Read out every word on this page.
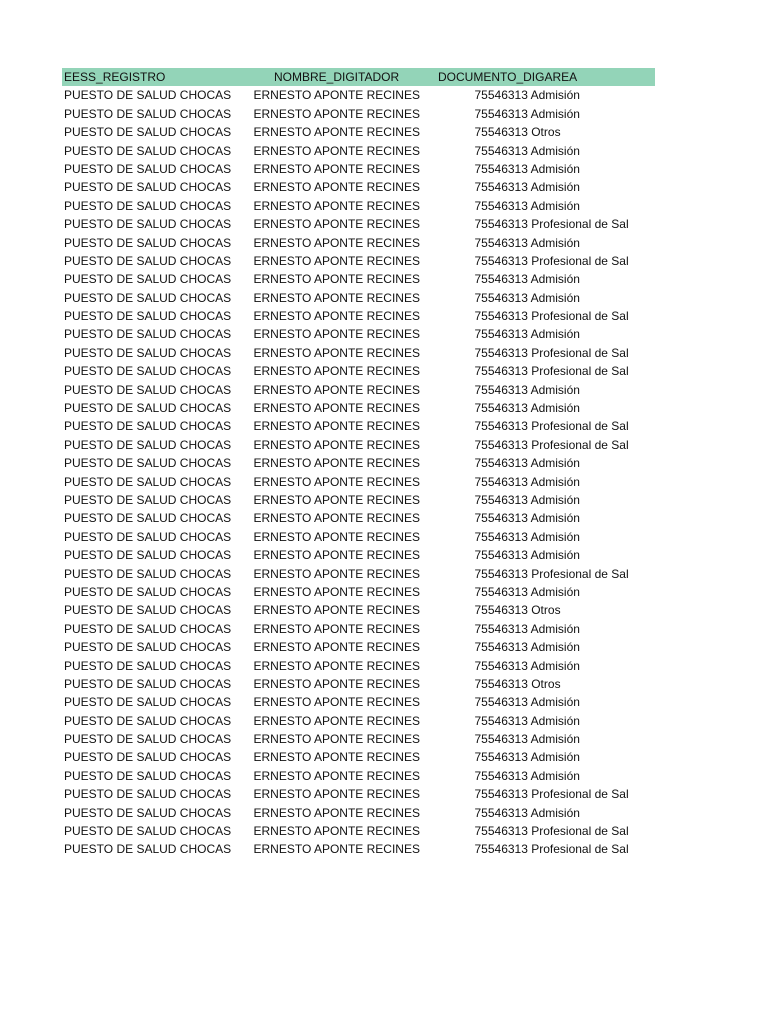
EESS_REGISTRO	NOMBRE_DIGITADOR	DOCUMENTO_DIGAREA
PUESTO DE SALUD CHOCAS	ERNESTO APONTE RECINES	75546313 Admisión
PUESTO DE SALUD CHOCAS	ERNESTO APONTE RECINES	75546313 Admisión
PUESTO DE SALUD CHOCAS	ERNESTO APONTE RECINES	75546313 Otros
PUESTO DE SALUD CHOCAS	ERNESTO APONTE RECINES	75546313 Admisión
PUESTO DE SALUD CHOCAS	ERNESTO APONTE RECINES	75546313 Admisión
PUESTO DE SALUD CHOCAS	ERNESTO APONTE RECINES	75546313 Admisión
PUESTO DE SALUD CHOCAS	ERNESTO APONTE RECINES	75546313 Admisión
PUESTO DE SALUD CHOCAS	ERNESTO APONTE RECINES	75546313 Profesional de Sal
PUESTO DE SALUD CHOCAS	ERNESTO APONTE RECINES	75546313 Admisión
PUESTO DE SALUD CHOCAS	ERNESTO APONTE RECINES	75546313 Profesional de Sal
PUESTO DE SALUD CHOCAS	ERNESTO APONTE RECINES	75546313 Admisión
PUESTO DE SALUD CHOCAS	ERNESTO APONTE RECINES	75546313 Admisión
PUESTO DE SALUD CHOCAS	ERNESTO APONTE RECINES	75546313 Profesional de Sal
PUESTO DE SALUD CHOCAS	ERNESTO APONTE RECINES	75546313 Admisión
PUESTO DE SALUD CHOCAS	ERNESTO APONTE RECINES	75546313 Profesional de Sal
PUESTO DE SALUD CHOCAS	ERNESTO APONTE RECINES	75546313 Profesional de Sal
PUESTO DE SALUD CHOCAS	ERNESTO APONTE RECINES	75546313 Admisión
PUESTO DE SALUD CHOCAS	ERNESTO APONTE RECINES	75546313 Admisión
PUESTO DE SALUD CHOCAS	ERNESTO APONTE RECINES	75546313 Profesional de Sal
PUESTO DE SALUD CHOCAS	ERNESTO APONTE RECINES	75546313 Profesional de Sal
PUESTO DE SALUD CHOCAS	ERNESTO APONTE RECINES	75546313 Admisión
PUESTO DE SALUD CHOCAS	ERNESTO APONTE RECINES	75546313 Admisión
PUESTO DE SALUD CHOCAS	ERNESTO APONTE RECINES	75546313 Admisión
PUESTO DE SALUD CHOCAS	ERNESTO APONTE RECINES	75546313 Admisión
PUESTO DE SALUD CHOCAS	ERNESTO APONTE RECINES	75546313 Admisión
PUESTO DE SALUD CHOCAS	ERNESTO APONTE RECINES	75546313 Admisión
PUESTO DE SALUD CHOCAS	ERNESTO APONTE RECINES	75546313 Profesional de Sal
PUESTO DE SALUD CHOCAS	ERNESTO APONTE RECINES	75546313 Admisión
PUESTO DE SALUD CHOCAS	ERNESTO APONTE RECINES	75546313 Otros
PUESTO DE SALUD CHOCAS	ERNESTO APONTE RECINES	75546313 Admisión
PUESTO DE SALUD CHOCAS	ERNESTO APONTE RECINES	75546313 Admisión
PUESTO DE SALUD CHOCAS	ERNESTO APONTE RECINES	75546313 Admisión
PUESTO DE SALUD CHOCAS	ERNESTO APONTE RECINES	75546313 Otros
PUESTO DE SALUD CHOCAS	ERNESTO APONTE RECINES	75546313 Admisión
PUESTO DE SALUD CHOCAS	ERNESTO APONTE RECINES	75546313 Admisión
PUESTO DE SALUD CHOCAS	ERNESTO APONTE RECINES	75546313 Admisión
PUESTO DE SALUD CHOCAS	ERNESTO APONTE RECINES	75546313 Admisión
PUESTO DE SALUD CHOCAS	ERNESTO APONTE RECINES	75546313 Admisión
PUESTO DE SALUD CHOCAS	ERNESTO APONTE RECINES	75546313 Profesional de Sal
PUESTO DE SALUD CHOCAS	ERNESTO APONTE RECINES	75546313 Admisión
PUESTO DE SALUD CHOCAS	ERNESTO APONTE RECINES	75546313 Profesional de Sal
PUESTO DE SALUD CHOCAS	ERNESTO APONTE RECINES	75546313 Profesional de Sal
